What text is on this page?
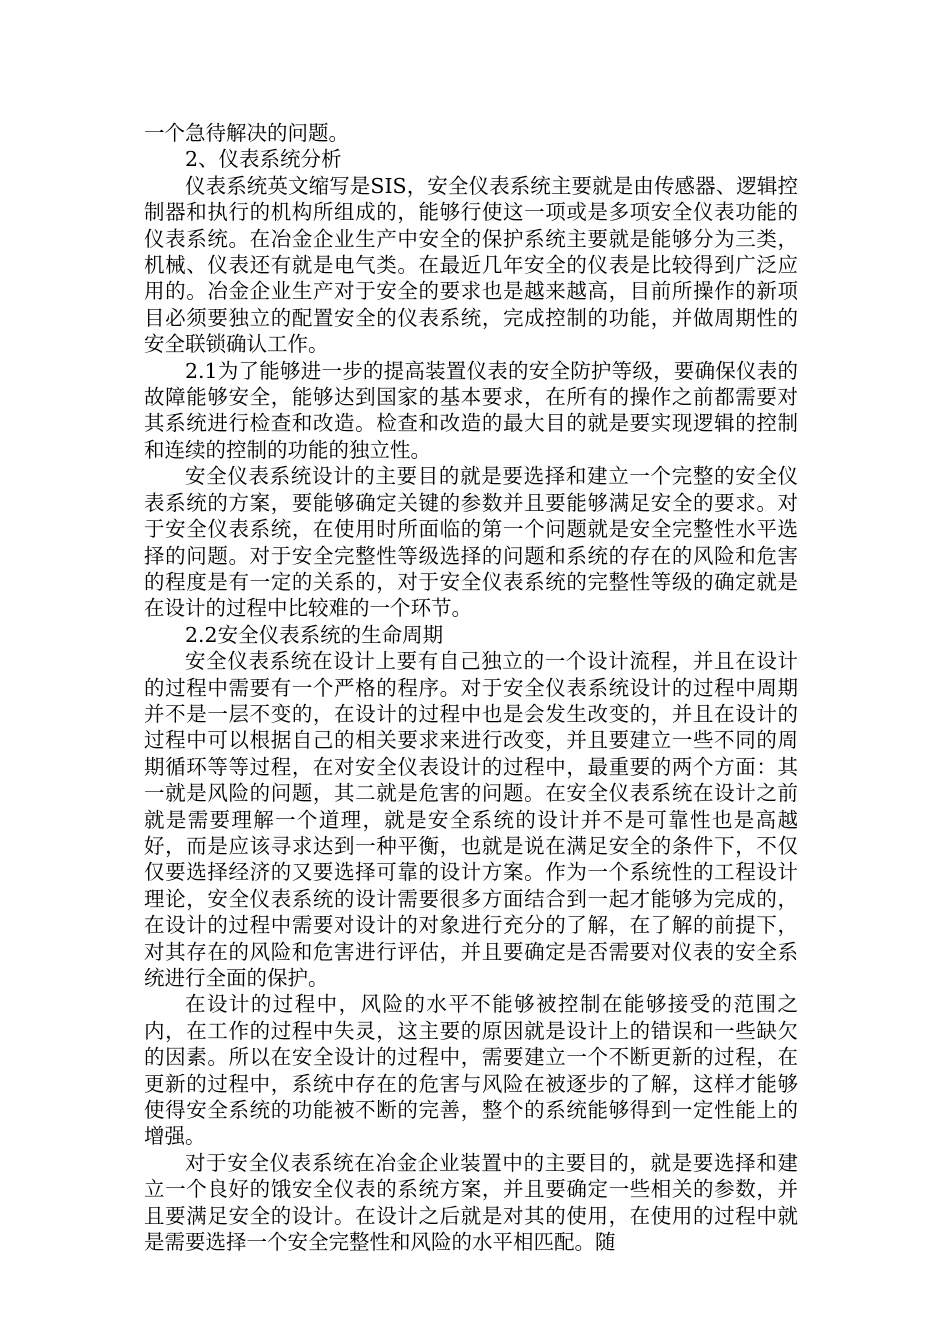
一个急待解决的问题。

2、仪表系统分析

仪表系统英文缩写是SIS，安全仪表系统主要就是由传感器、逻辑控制器和执行的机构所组成的，能够行使这一项或是多项安全仪表功能的仪表系统。在冶金企业生产中安全的保护系统主要就是能够分为三类，机械、仪表还有就是电气类。在最近几年安全的仪表是比较得到广泛应用的。冶金企业生产对于安全的要求也是越来越高，目前所操作的新项目必须要独立的配置安全的仪表系统，完成控制的功能，并做周期性的安全联锁确认工作。

2.1为了能够进一步的提高装置仪表的安全防护等级，要确保仪表的故障能够安全，能够达到国家的基本要求，在所有的操作之前都需要对其系统进行检查和改造。检查和改造的最大目的就是要实现逻辑的控制和连续的控制的功能的独立性。

安全仪表系统设计的主要目的就是要选择和建立一个完整的安全仪表系统的方案，要能够确定关键的参数并且要能够满足安全的要求。对于安全仪表系统，在使用时所面临的第一个问题就是安全完整性水平选择的问题。对于安全完整性等级选择的问题和系统的存在的风险和危害的程度是有一定的关系的，对于安全仪表系统的完整性等级的确定就是在设计的过程中比较难的一个环节。

2.2安全仪表系统的生命周期

安全仪表系统在设计上要有自己独立的一个设计流程，并且在设计的过程中需要有一个严格的程序。对于安全仪表系统设计的过程中周期并不是一层不变的，在设计的过程中也是会发生改变的，并且在设计的过程中可以根据自己的相关要求来进行改变，并且要建立一些不同的周期循环等等过程，在对安全仪表设计的过程中，最重要的两个方面：其一就是风险的问题，其二就是危害的问题。在安全仪表系统在设计之前就是需要理解一个道理，就是安全系统的设计并不是可靠性也是高越好，而是应该寻求达到一种平衡，也就是说在满足安全的条件下，不仅仅要选择经济的又要选择可靠的设计方案。作为一个系统性的工程设计理论，安全仪表系统的设计需要很多方面结合到一起才能够为完成的，在设计的过程中需要对设计的对象进行充分的了解，在了解的前提下，对其存在的风险和危害进行评估，并且要确定是否需要对仪表的安全系统进行全面的保护。

在设计的过程中，风险的水平不能够被控制在能够接受的范围之内，在工作的过程中失灵，这主要的原因就是设计上的错误和一些缺欠的因素。所以在安全设计的过程中，需要建立一个不断更新的过程，在更新的过程中，系统中存在的危害与风险在被逐步的了解，这样才能够使得安全系统的功能被不断的完善，整个的系统能够得到一定性能上的增强。

对于安全仪表系统在冶金企业装置中的主要目的，就是要选择和建立一个良好的饿安全仪表的系统方案，并且要确定一些相关的参数，并且要满足安全的设计。在设计之后就是对其的使用，在使用的过程中就是需要选择一个安全完整性和风险的水平相匹配。随
